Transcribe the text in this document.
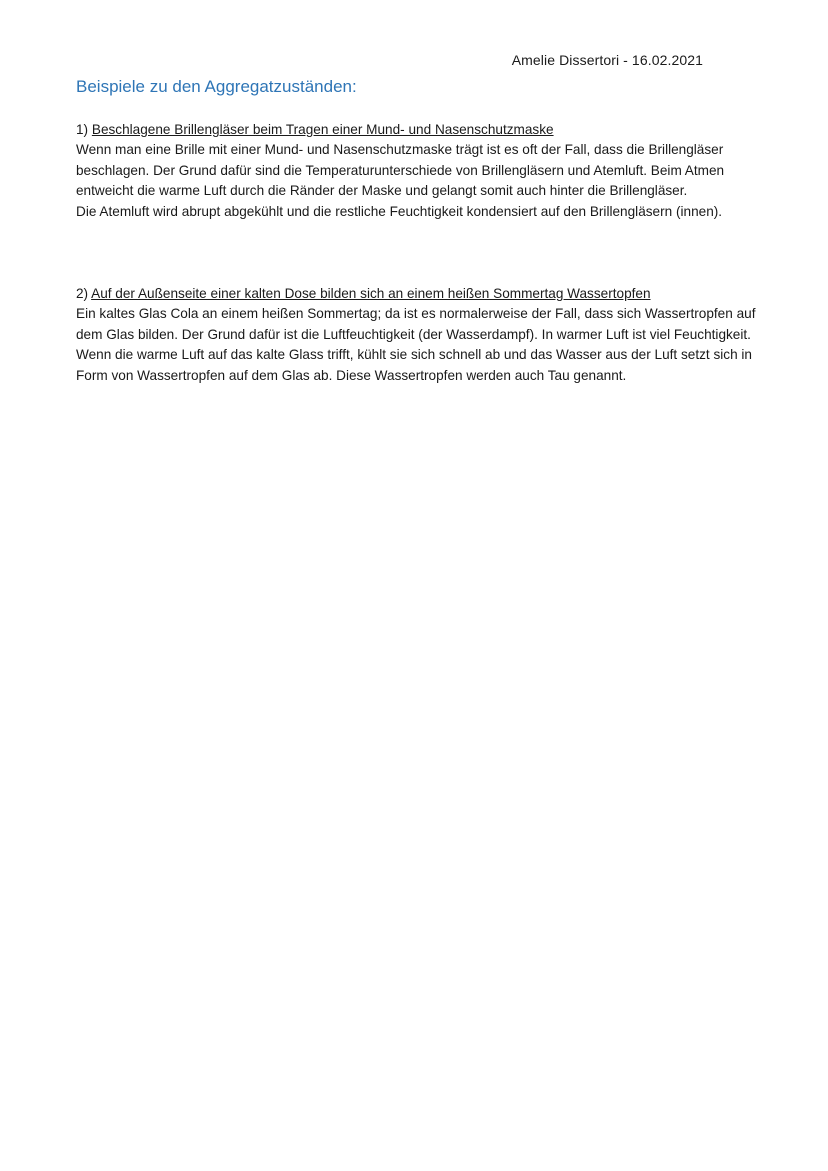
Amelie Dissertori - 16.02.2021
Beispiele zu den Aggregatzuständen:
1) Beschlagene Brillengläser beim Tragen einer Mund- und Nasenschutzmaske

Wenn man eine Brille mit einer Mund- und Nasenschutzmaske trägt ist es oft der Fall, dass die Brillengläser beschlagen. Der Grund dafür sind die Temperaturunterschiede von Brillengläsern und Atemluft. Beim Atmen entweicht die warme Luft durch die Ränder der Maske und gelangt somit auch hinter die Brillengläser.

Die Atemluft wird abrupt abgekühlt und die restliche Feuchtigkeit kondensiert auf den Brillengläsern (innen).

2) Auf der Außenseite einer kalten Dose bilden sich an einem heißen Sommertag Wassertopfen

Ein kaltes Glas Cola an einem heißen Sommertag; da ist es normalerweise der Fall, dass sich Wassertropfen auf dem Glas bilden. Der Grund dafür ist die Luftfeuchtigkeit (der Wasserdampf). In warmer Luft ist viel Feuchtigkeit. Wenn die warme Luft auf das kalte Glass trifft, kühlt sie sich schnell ab und das Wasser aus der Luft setzt sich in Form von Wassertropfen auf dem Glas ab. Diese Wassertropfen werden auch Tau genannt.
